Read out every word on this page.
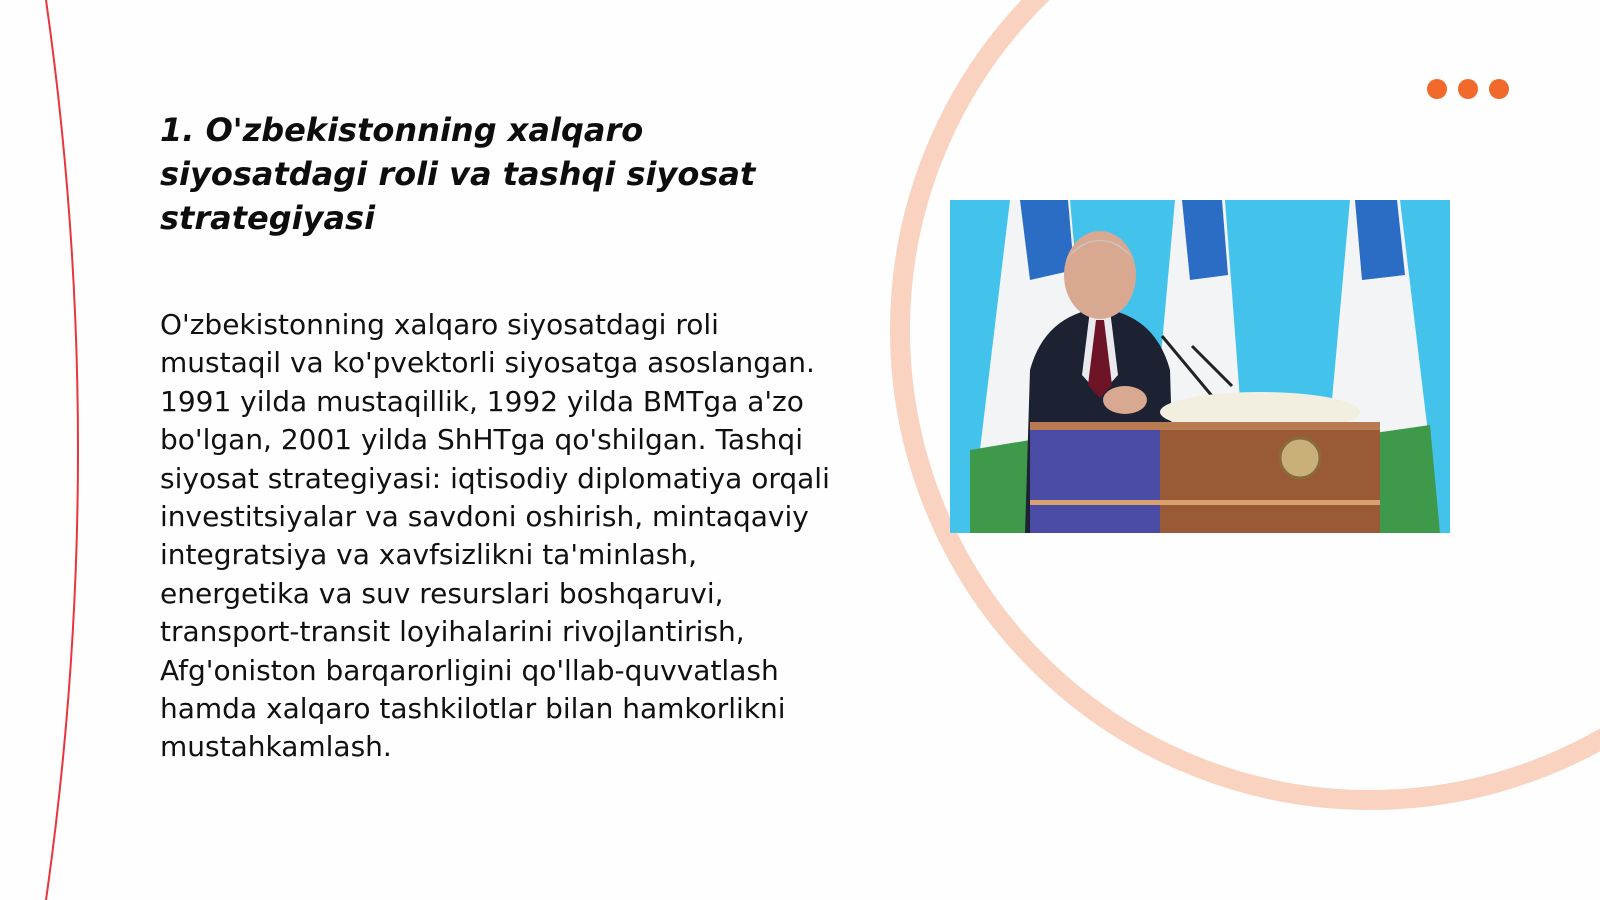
1. O'zbekistonning xalqaro siyosatdagi roli va tashqi siyosat strategiyasi

O'zbekistonning xalqaro siyosatdagi roli mustaqil va ko'pvektorli siyosatga asoslangan. 1991 yilda mustaqillik, 1992 yilda BMTga a'zo bo'lgan, 2001 yilda ShHTga qo'shilgan. Tashqi siyosat strategiyasi: iqtisodiy diplomatiya orqali investitsiyalar va savdoni oshirish, mintaqaviy integratsiya va xavfsizlikni ta'minlash, energetika va suv resurslari boshqaruvi, transport-transit loyihalarini rivojlantirish, Afg'oniston barqarorligini qo'llab-quvvatlash hamda xalqaro tashkilotlar bilan hamkorlikni mustahkamlash.
